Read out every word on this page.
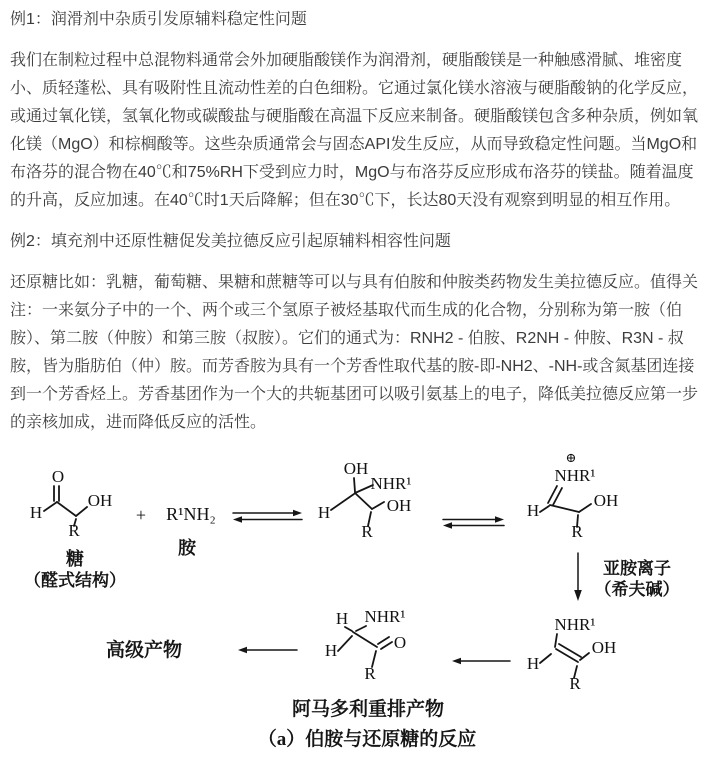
例1：润滑剂中杂质引发原辅料稳定性问题

我们在制粒过程中总混物料通常会外加硬脂酸镁作为润滑剂，硬脂酸镁是一种触感滑腻、堆密度小、质轻蓬松、具有吸附性且流动性差的白色细粉。它通过氯化镁水溶液与硬脂酸钠的化学反应，或通过氧化镁，氢氧化物或碳酸盐与硬脂酸在高温下反应来制备。硬脂酸镁包含多种杂质，例如氧化镁（MgO）和棕榈酸等。这些杂质通常会与固态API发生反应，从而导致稳定性问题。当MgO和布洛芬的混合物在40℃和75%RH下受到应力时，MgO与布洛芬反应形成布洛芬的镁盐。随着温度的升高，反应加速。在40℃时1天后降解；但在30℃下，长达80天没有观察到明显的相互作用。

例2：填充剂中还原性糖促发美拉德反应引起原辅料相容性问题

还原糖比如：乳糖，葡萄糖、果糖和蔗糖等可以与具有伯胺和仲胺类药物发生美拉德反应。值得关注：一来氨分子中的一个、两个或三个氢原子被烃基取代而生成的化合物，分别称为第一胺（伯胺）、第二胺（仲胺）和第三胺（叔胺）。它们的通式为：RNH2 - 伯胺、R2NH - 仲胺、R3N - 叔胺，皆为脂肪伯（仲）胺。而芳香胺为具有一个芳香性取代基的胺-即-NH2、-NH-或含氮基团连接到一个芳香烃上。芳香基团作为一个大的共轭基团可以吸引氨基上的电子，降低美拉德反应第一步的亲核加成，进而降低反应的活性。

O
H
OH
R
糖
（醛式结构）
+ R¹NH₂
胺
OH
NHR¹
H	OH
R
⊕
NHR¹
H
OH
R
亚胺离子
（希夫碱）
NHR¹
H
OH
R
H NHR¹
H	O
R
高级产物
阿马多利重排产物
（a）伯胺与还原糖的反应
